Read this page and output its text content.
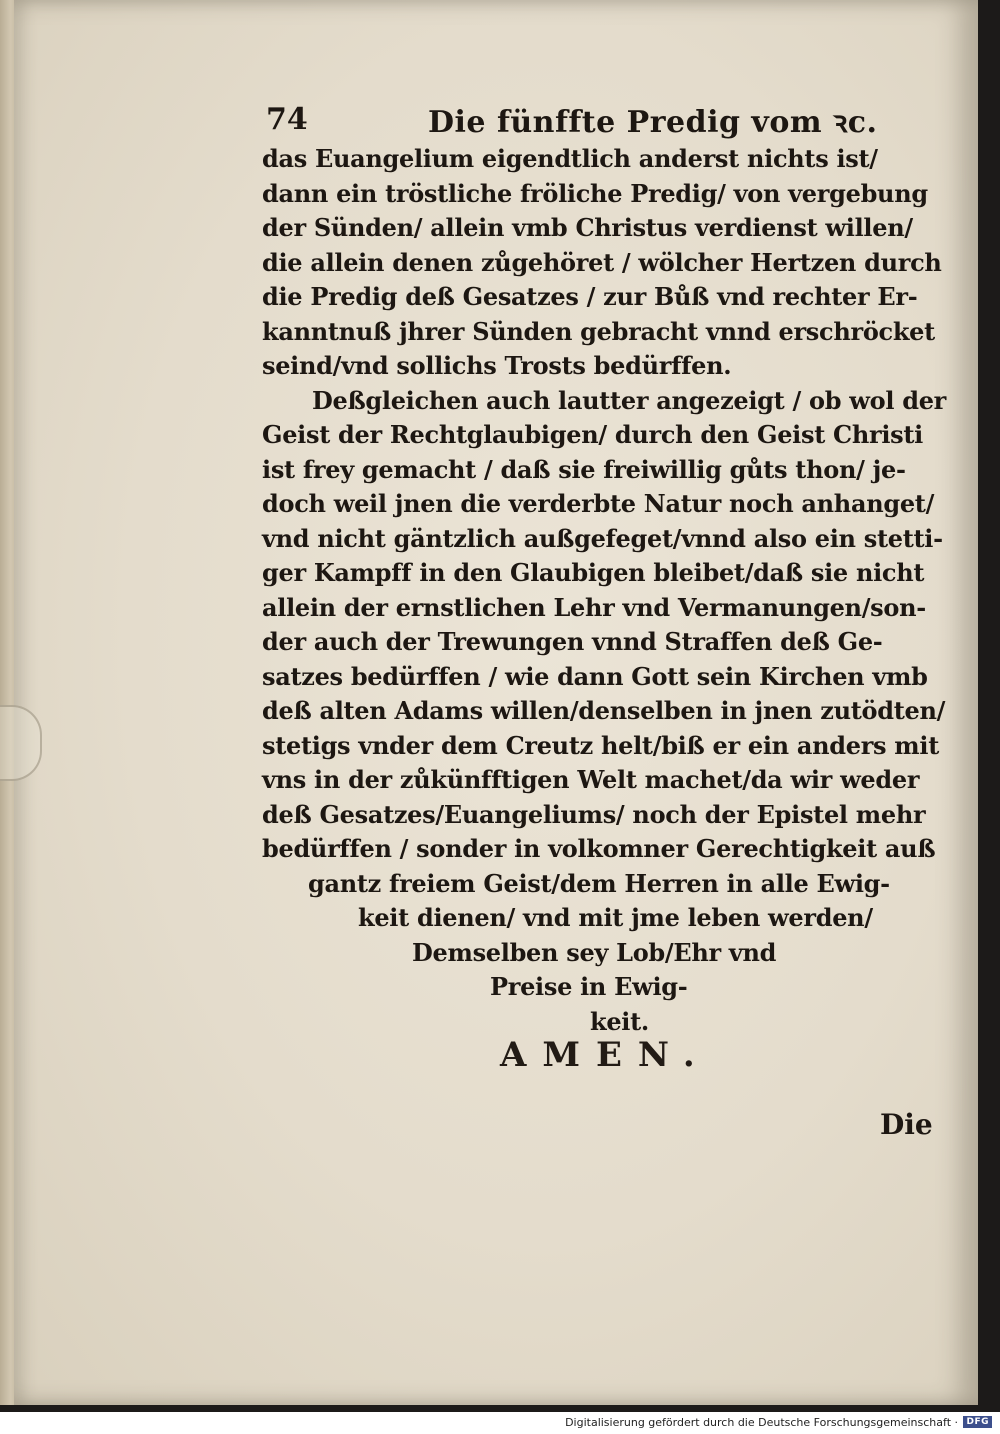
74	Die fünffte Predig vom ꝛc.
das Euangelium eigendtlich anderst nichts ist/
dann ein tröstliche fröliche Predig/ von vergebung
der Sünden/ allein vmb Christus verdienst willen/
die allein denen zůgehöret / wölcher Hertzen durch
die Predig deß Gesatzes / zur Bůß vnd rechter Er-
kanntnuß jhrer Sünden gebracht vnnd erschröcket
seind/vnd sollichs Trosts bedürffen.
Deßgleichen auch lautter angezeigt / ob wol der
Geist der Rechtglaubigen/ durch den Geist Christi
ist frey gemacht / daß sie freiwillig gůts thon/ je-
doch weil jnen die verderbte Natur noch anhanget/
vnd nicht gäntzlich außgefeget/vnnd also ein stetti-
ger Kampff in den Glaubigen bleibet/daß sie nicht
allein der ernstlichen Lehr vnd Vermanungen/son-
der auch der Trewungen vnnd Straffen deß Ge-
satzes bedürffen / wie dann Gott sein Kirchen vmb
deß alten Adams willen/denselben in jnen zutödten/
stetigs vnder dem Creutz helt/biß er ein anders mit
vns in der zůkünfftigen Welt machet/da wir weder
deß Gesatzes/Euangeliums/ noch der Epistel mehr
bedürffen / sonder in volkomner Gerechtigkeit auß
gantz freiem Geist/dem Herren in alle Ewig-
keit dienen/ vnd mit jme leben werden/
Demselben sey Lob/Ehr vnd
Preise in Ewig-
keit.
AMEN.
Die
Digitalisierung gefördert durch die Deutsche Forschungsgemeinschaft · DFG
